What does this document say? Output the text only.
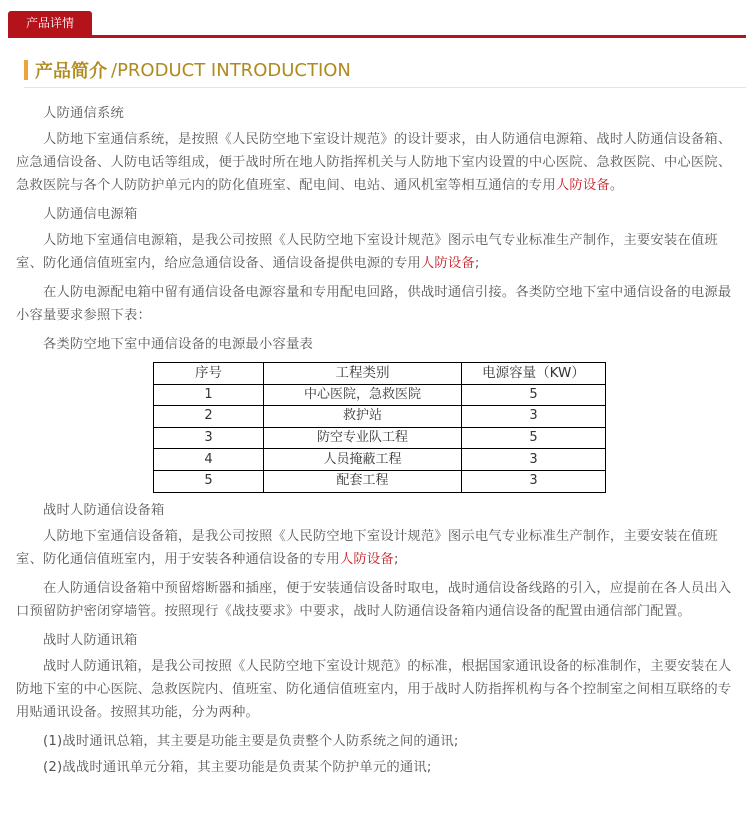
产品详情
产品简介 /PRODUCT INTRODUCTION

人防通信系统

人防地下室通信系统，是按照《人民防空地下室设计规范》的设计要求，由人防通信电源箱、战时人防通信设备箱、应急通信设备、人防电话等组成，便于战时所在地人防指挥机关与人防地下室内设置的中心医院、急救医院、中心医院、急救医院与各个人防防护单元内的防化值班室、配电间、电站、通风机室等相互通信的专用人防设备。

人防通信电源箱

人防地下室通信电源箱，是我公司按照《人民防空地下室设计规范》图示电气专业标准生产制作，主要安装在值班室、防化通信值班室内，给应急通信设备、通信设备提供电源的专用人防设备;

在人防电源配电箱中留有通信设备电源容量和专用配电回路，供战时通信引接。各类防空地下室中通信设备的电源最小容量要求参照下表：

各类防空地下室中通信设备的电源最小容量表

序号	工程类别	电源容量（KW）
1	中心医院，急救医院	5
2	救护站	3
3	防空专业队工程	5
4	人员掩蔽工程	3
5	配套工程	3

战时人防通信设备箱

人防地下室通信设备箱，是我公司按照《人民防空地下室设计规范》图示电气专业标准生产制作，主要安装在值班室、防化通信值班室内，用于安装各种通信设备的专用人防设备;

在人防通信设备箱中预留熔断器和插座，便于安装通信设备时取电，战时通信设备线路的引入，应提前在各人员出入口预留防护密闭穿墙管。按照现行《战技要求》中要求，战时人防通信设备箱内通信设备的配置由通信部门配置。

战时人防通讯箱

战时人防通讯箱，是我公司按照《人民防空地下室设计规范》的标准，根据国家通讯设备的标准制作，主要安装在人防地下室的中心医院、急救医院内、值班室、防化通信值班室内，用于战时人防指挥机构与各个控制室之间相互联络的专用贴通讯设备。按照其功能，分为两种。

(1)战时通讯总箱，其主要是功能主要是负责整个人防系统之间的通讯;

(2)战战时通讯单元分箱，其主要功能是负责某个防护单元的通讯;
